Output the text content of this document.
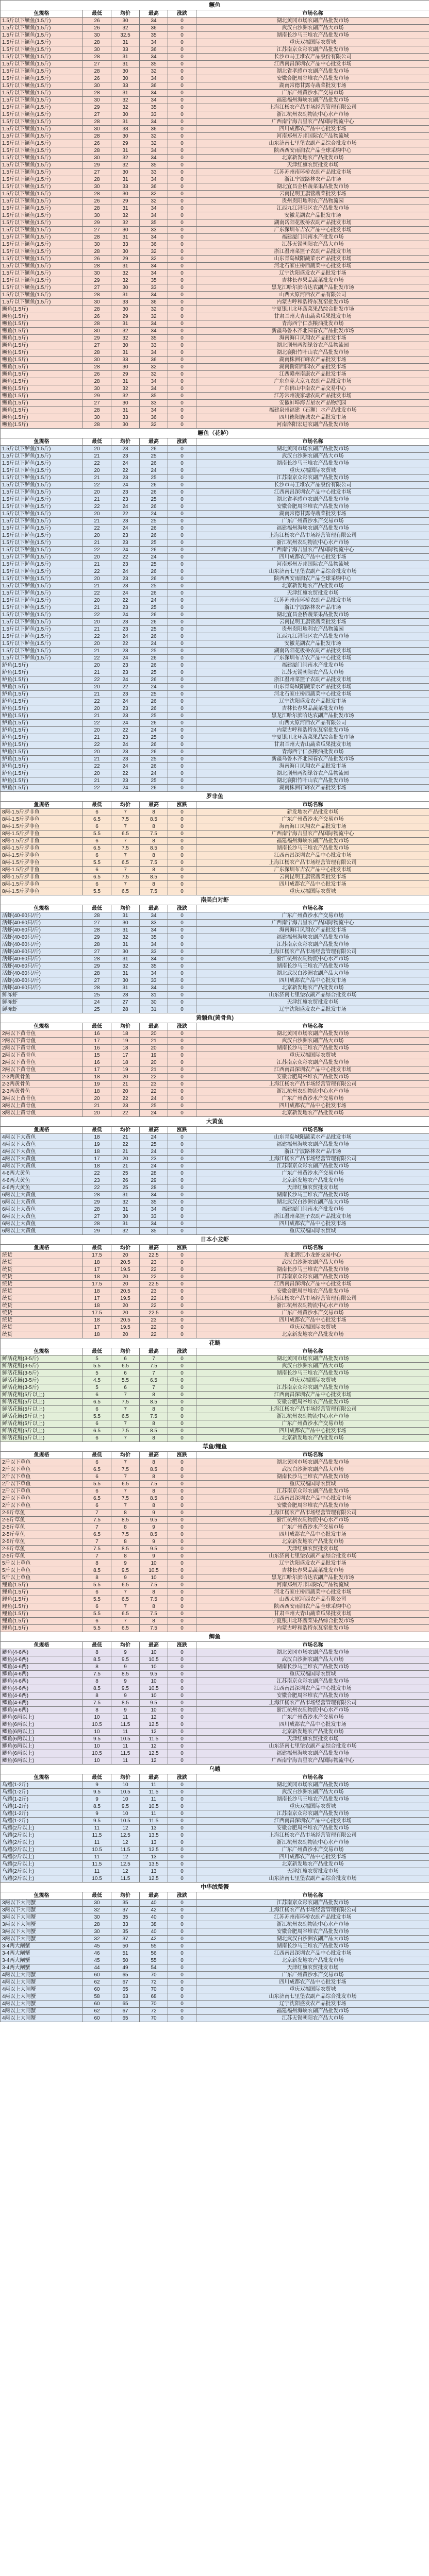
鳜鱼					
鱼规格	最低	均价	最高	涨跌	市场名称
1.5斤以下鳜鱼(1.5斤)	26	30	34	0	湖北黄冈市场农副产品批发市场
1.5斤以下鳜鱼(1.5斤)	26	32	36	0	武汉白沙洲农副产品大市场
1.5斤以下鳜鱼(1.5斤)	30	32.5	35	0	湖南长沙马王堆农产品批发市场
1.5斤以下鳜鱼(1.5斤)	28	31	34	0	重庆双福国际农贸城
1.5斤以下鳜鱼(1.5斤)	30	33	36	0	江苏南京众彩农副产品批发市场
1.5斤以下鳜鱼(1.5斤)	28	31	34	0	长沙市马王堆农产品股份有限公司
1.5斤以下鳜鱼(1.5斤)	27	31	35	0	江西南昌深圳农产品中心批发市场
1.5斤以下鳜鱼(1.5斤)	28	30	32	0	湖北省孝感市农副产品批发市场
1.5斤以下鳜鱼(1.5斤)	26	30	34	0	安徽合肥周谷堆农产品批发市场
1.5斤以下鳜鱼(1.5斤)	30	33	36	0	湖南常德甘露寺蔬菜批发市场
1.5斤以下鳜鱼(1.5斤)	28	31	34	0	广东广州黄沙水产交易市场
1.5斤以下鳜鱼(1.5斤)	30	32	34	0	福建福州海峡农副产品批发市场
1.5斤以下鳜鱼(1.5斤)	29	32	35	0	上海江杨农产品市场经营管理有限公司
1.5斤以下鳜鱼(1.5斤)	27	30	33	0	浙江杭州农副物流中心水产市场
1.5斤以下鳜鱼(1.5斤)	28	31	34	0	广西南宁海吉星农产品国际物流中心
1.5斤以下鳜鱼(1.5斤)	30	33	36	0	四川成都农产品中心批发市场
1.5斤以下鳜鱼(1.5斤)	28	30	32	0	河南郑州万邦国际农产品物流城
1.5斤以下鳜鱼(1.5斤)	26	29	32	0	山东济南七里堡农副产品综合批发市场
1.5斤以下鳜鱼(1.5斤)	28	31	34	0	陕西西安雨润农产品全球采购中心
1.5斤以下鳜鱼(1.5斤)	30	32	34	0	北京新发地农产品批发市场
1.5斤以下鳜鱼(1.5斤)	29	32	35	0	天津红旗农贸批发市场
1.5斤以下鳜鱼(1.5斤)	27	30	33	0	江苏苏州南环桥农副产品批发市场
1.5斤以下鳜鱼(1.5斤)	28	31	34	0	浙江宁波路林农产品市场
1.5斤以下鳜鱼(1.5斤)	30	33	36	0	湖北宜昌金桥蔬菜果品批发市场
1.5斤以下鳜鱼(1.5斤)	28	30	32	0	云南昆明王旗营蔬菜批发市场
1.5斤以下鳜鱼(1.5斤)	26	29	32	0	贵州贵阳地利农产品物流园
1.5斤以下鳜鱼(1.5斤)	28	31	34	0	江西九江浔阳区农产品批发市场
1.5斤以下鳜鱼(1.5斤)	30	32	34	0	安徽芜湖农产品批发市场
1.5斤以下鳜鱼(1.5斤)	29	32	35	0	湖南岳阳花板桥农副产品批发市场
1.5斤以下鳜鱼(1.5斤)	27	30	33	0	广东深圳布吉农产品中心批发市场
1.5斤以下鳜鱼(1.5斤)	28	31	34	0	福建厦门闽南水产批发市场
1.5斤以下鳜鱼(1.5斤)	30	33	36	0	江苏无锡朝阳农产品大市场
1.5斤以下鳜鱼(1.5斤)	28	30	32	0	浙江温州菜篮子农副产品批发市场
1.5斤以下鳜鱼(1.5斤)	26	29	32	0	山东青岛城阳蔬菜水产品批发市场
1.5斤以下鳜鱼(1.5斤)	28	31	34	0	河北石家庄桥西蔬菜中心批发市场
1.5斤以下鳜鱼(1.5斤)	30	32	34	0	辽宁沈阳盛发农产品批发市场
1.5斤以下鳜鱼(1.5斤)	29	32	35	0	吉林长春果品蔬菜批发市场
1.5斤以下鳜鱼(1.5斤)	27	30	33	0	黑龙江哈尔滨哈达农副产品批发市场
1.5斤以下鳜鱼(1.5斤)	28	31	34	0	山西太原河西农产品有限公司
1.5斤以下鳜鱼(1.5斤)	30	33	36	0	内蒙古呼和浩特东瓦窑批发市场
鳜鱼(1.5斤)	28	30	32	0	宁夏银川北环蔬菜果品综合批发市场
鳜鱼(1.5斤)	26	29	32	0	甘肃兰州大青山蔬菜瓜果批发市场
鳜鱼(1.5斤)	28	31	34	0	青海西宁仁杰粮油批发市场
鳜鱼(1.5斤)	30	32	34	0	新疆乌鲁木齐北园春农产品批发市场
鳜鱼(1.5斤)	29	32	35	0	海南海口凤翔农产品批发市场
鳜鱼(1.5斤)	27	30	33	0	湖北荆州两湖绿谷农产品物流园
鳜鱼(1.5斤)	28	31	34	0	湖北襄阳竹叶山农产品批发市场
鳜鱼(1.5斤)	30	33	36	0	湖南株洲石峰农产品批发市场
鳜鱼(1.5斤)	28	30	32	0	湖南衡阳西园农产品批发市场
鳜鱼(1.5斤)	26	29	32	0	江西赣州南康农产品批发市场
鳜鱼(1.5斤)	28	31	34	0	广东东莞大京九农副产品批发市场
鳜鱼(1.5斤)	30	32	34	0	广东佛山中南农产品交易中心
鳜鱼(1.5斤)	29	32	35	0	江苏常州凌家塘农副产品批发市场
鳜鱼(1.5斤)	27	30	33	0	安徽蚌埠海吉星农产品物流园
鳜鱼(1.5斤)	28	31	34	0	福建泉州福建（石狮）水产品批发市场
鳜鱼(1.5斤)	30	33	36	0	四川德阳旌城农产品批发市场
鳜鱼(1.5斤)	28	30	32	0	河南洛阳宏进农副产品批发市场
鳜鱼（花鲈）					
鱼规格	最低	均价	最高	涨跌	市场名称
1.5斤以下鲈鱼(1.5斤)	20	23	26	0	湖北黄冈市场农副产品批发市场
1.5斤以下鲈鱼(1.5斤)	21	23	25	0	武汉白沙洲农副产品大市场
1.5斤以下鲈鱼(1.5斤)	22	24	26	0	湖南长沙马王堆农产品批发市场
1.5斤以下鲈鱼(1.5斤)	20	22	24	0	重庆双福国际农贸城
1.5斤以下鲈鱼(1.5斤)	21	23	25	0	江苏南京众彩农副产品批发市场
1.5斤以下鲈鱼(1.5斤)	22	24	26	0	长沙市马王堆农产品股份有限公司
1.5斤以下鲈鱼(1.5斤)	20	23	26	0	江西南昌深圳农产品中心批发市场
1.5斤以下鲈鱼(1.5斤)	21	23	25	0	湖北省孝感市农副产品批发市场
1.5斤以下鲈鱼(1.5斤)	22	24	26	0	安徽合肥周谷堆农产品批发市场
1.5斤以下鲈鱼(1.5斤)	20	22	24	0	湖南常德甘露寺蔬菜批发市场
1.5斤以下鲈鱼(1.5斤)	21	23	25	0	广东广州黄沙水产交易市场
1.5斤以下鲈鱼(1.5斤)	22	24	26	0	福建福州海峡农副产品批发市场
1.5斤以下鲈鱼(1.5斤)	20	23	26	0	上海江杨农产品市场经营管理有限公司
1.5斤以下鲈鱼(1.5斤)	21	23	25	0	浙江杭州农副物流中心水产市场
1.5斤以下鲈鱼(1.5斤)	22	24	26	0	广西南宁海吉星农产品国际物流中心
1.5斤以下鲈鱼(1.5斤)	20	22	24	0	四川成都农产品中心批发市场
1.5斤以下鲈鱼(1.5斤)	21	23	25	0	河南郑州万邦国际农产品物流城
1.5斤以下鲈鱼(1.5斤)	22	24	26	0	山东济南七里堡农副产品综合批发市场
1.5斤以下鲈鱼(1.5斤)	20	23	26	0	陕西西安雨润农产品全球采购中心
1.5斤以下鲈鱼(1.5斤)	21	23	25	0	北京新发地农产品批发市场
1.5斤以下鲈鱼(1.5斤)	22	24	26	0	天津红旗农贸批发市场
1.5斤以下鲈鱼(1.5斤)	20	22	24	0	江苏苏州南环桥农副产品批发市场
1.5斤以下鲈鱼(1.5斤)	21	23	25	0	浙江宁波路林农产品市场
1.5斤以下鲈鱼(1.5斤)	22	24	26	0	湖北宜昌金桥蔬菜果品批发市场
1.5斤以下鲈鱼(1.5斤)	20	23	26	0	云南昆明王旗营蔬菜批发市场
1.5斤以下鲈鱼(1.5斤)	21	23	25	0	贵州贵阳地利农产品物流园
1.5斤以下鲈鱼(1.5斤)	22	24	26	0	江西九江浔阳区农产品批发市场
1.5斤以下鲈鱼(1.5斤)	20	22	24	0	安徽芜湖农产品批发市场
1.5斤以下鲈鱼(1.5斤)	21	23	25	0	湖南岳阳花板桥农副产品批发市场
1.5斤以下鲈鱼(1.5斤)	22	24	26	0	广东深圳布吉农产品中心批发市场
鲈鱼(1.5斤)	20	23	26	0	福建厦门闽南水产批发市场
鲈鱼(1.5斤)	21	23	25	0	江苏无锡朝阳农产品大市场
鲈鱼(1.5斤)	22	24	26	0	浙江温州菜篮子农副产品批发市场
鲈鱼(1.5斤)	20	22	24	0	山东青岛城阳蔬菜水产品批发市场
鲈鱼(1.5斤)	21	23	25	0	河北石家庄桥西蔬菜中心批发市场
鲈鱼(1.5斤)	22	24	26	0	辽宁沈阳盛发农产品批发市场
鲈鱼(1.5斤)	20	23	26	0	吉林长春果品蔬菜批发市场
鲈鱼(1.5斤)	21	23	25	0	黑龙江哈尔滨哈达农副产品批发市场
鲈鱼(1.5斤)	22	24	26	0	山西太原河西农产品有限公司
鲈鱼(1.5斤)	20	22	24	0	内蒙古呼和浩特东瓦窑批发市场
鲈鱼(1.5斤)	21	23	25	0	宁夏银川北环蔬菜果品综合批发市场
鲈鱼(1.5斤)	22	24	26	0	甘肃兰州大青山蔬菜瓜果批发市场
鲈鱼(1.5斤)	20	23	26	0	青海西宁仁杰粮油批发市场
鲈鱼(1.5斤)	21	23	25	0	新疆乌鲁木齐北园春农产品批发市场
鲈鱼(1.5斤)	22	24	26	0	海南海口凤翔农产品批发市场
鲈鱼(1.5斤)	20	22	24	0	湖北荆州两湖绿谷农产品物流园
鲈鱼(1.5斤)	21	23	25	0	湖北襄阳竹叶山农产品批发市场
鲈鱼(1.5斤)	22	24	26	0	湖南株洲石峰农产品批发市场
罗非鱼					
鱼规格	最低	均价	最高	涨跌	市场名称
8两-1.5斤罗非鱼	6	7	8	0	新发地农产品批发市场
8两-1.5斤罗非鱼	6.5	7.5	8.5	0	广东广州黄沙水产交易市场
8两-1.5斤罗非鱼	6	7	8	0	海南海口凤翔农产品批发市场
8两-1.5斤罗非鱼	5.5	6.5	7.5	0	广西南宁海吉星农产品国际物流中心
8两-1.5斤罗非鱼	6	7	8	0	福建福州海峡农副产品批发市场
8两-1.5斤罗非鱼	6.5	7.5	8.5	0	湖南长沙马王堆农产品批发市场
8两-1.5斤罗非鱼	6	7	8	0	江西南昌深圳农产品中心批发市场
8两-1.5斤罗非鱼	5.5	6.5	7.5	0	上海江杨农产品市场经营管理有限公司
8两-1.5斤罗非鱼	6	7	8	0	广东深圳布吉农产品中心批发市场
8两-1.5斤罗非鱼	6.5	7.5	8.5	0	云南昆明王旗营蔬菜批发市场
8两-1.5斤罗非鱼	6	7	8	0	四川成都农产品中心批发市场
8两-1.5斤罗非鱼	5.5	6.5	7.5	0	重庆双福国际农贸城
南美白对虾					
鱼规格	最低	均价	最高	涨跌	市场名称
活虾(40-60只/斤)	28	31	34	0	广东广州黄沙水产交易市场
活虾(40-60只/斤)	27	30	33	0	广西南宁海吉星农产品国际物流中心
活虾(40-60只/斤)	28	31	34	0	海南海口凤翔农产品批发市场
活虾(40-60只/斤)	29	32	35	0	福建福州海峡农副产品批发市场
活虾(40-60只/斤)	28	31	34	0	江苏南京众彩农副产品批发市场
活虾(40-60只/斤)	27	30	33	0	上海江杨农产品市场经营管理有限公司
活虾(40-60只/斤)	28	31	34	0	浙江杭州农副物流中心水产市场
活虾(40-60只/斤)	29	32	35	0	湖南长沙马王堆农产品批发市场
活虾(40-60只/斤)	28	31	34	0	湖北武汉白沙洲农副产品大市场
活虾(40-60只/斤)	27	30	33	0	四川成都农产品中心批发市场
活虾(40-60只/斤)	28	31	34	0	北京新发地农产品批发市场
鲜冻虾	25	28	31	0	山东济南七里堡农副产品综合批发市场
鲜冻虾	24	27	30	0	天津红旗农贸批发市场
鲜冻虾	25	28	31	0	辽宁沈阳盛发农产品批发市场
黄颡鱼(黄骨鱼)					
鱼规格	最低	均价	最高	涨跌	市场名称
2两以下黄骨鱼	16	18	20	0	湖北黄冈市场农副产品批发市场
2两以下黄骨鱼	17	19	21	0	武汉白沙洲农副产品大市场
2两以下黄骨鱼	16	18	20	0	湖南长沙马王堆农产品批发市场
2两以下黄骨鱼	15	17	19	0	重庆双福国际农贸城
2两以下黄骨鱼	16	18	20	0	江苏南京众彩农副产品批发市场
2两以下黄骨鱼	17	19	21	0	江西南昌深圳农产品中心批发市场
2-3两黄骨鱼	18	20	22	0	安徽合肥周谷堆农产品批发市场
2-3两黄骨鱼	19	21	23	0	上海江杨农产品市场经营管理有限公司
2-3两黄骨鱼	18	20	22	0	浙江杭州农副物流中心水产市场
3两以上黄骨鱼	20	22	24	0	广东广州黄沙水产交易市场
3两以上黄骨鱼	21	23	25	0	四川成都农产品中心批发市场
3两以上黄骨鱼	20	22	24	0	北京新发地农产品批发市场
大黄鱼					
鱼规格	最低	均价	最高	涨跌	市场名称
4两以下大黄鱼	18	21	24	0	山东青岛城阳蔬菜水产品批发市场
4两以下大黄鱼	19	22	25	0	福建福州海峡农副产品批发市场
4两以下大黄鱼	18	21	24	0	浙江宁波路林农产品市场
4两以下大黄鱼	17	20	23	0	上海江杨农产品市场经营管理有限公司
4两以下大黄鱼	18	21	24	0	江苏南京众彩农副产品批发市场
4-6两大黄鱼	22	25	28	0	广东广州黄沙水产交易市场
4-6两大黄鱼	23	26	29	0	北京新发地农产品批发市场
4-6两大黄鱼	22	25	28	0	天津红旗农贸批发市场
6两以上大黄鱼	28	31	34	0	湖南长沙马王堆农产品批发市场
6两以上大黄鱼	29	32	35	0	湖北武汉白沙洲农副产品大市场
6两以上大黄鱼	28	31	34	0	福建厦门闽南水产批发市场
6两以上大黄鱼	27	30	33	0	浙江温州菜篮子农副产品批发市场
6两以上大黄鱼	28	31	34	0	四川成都农产品中心批发市场
6两以上大黄鱼	29	32	35	0	重庆双福国际农贸城
日本小龙虾					
鱼规格	最低	均价	最高	涨跌	市场名称
统货	17.5	20	22.5	0	湖北潜江小龙虾交易中心
统货	18	20.5	23	0	武汉白沙洲农副产品大市场
统货	17	19.5	22	0	湖南长沙马王堆农产品批发市场
统货	18	20	22	0	江苏南京众彩农副产品批发市场
统货	17.5	20	22.5	0	江西南昌深圳农产品中心批发市场
统货	18	20.5	23	0	安徽合肥周谷堆农产品批发市场
统货	17	19.5	22	0	上海江杨农产品市场经营管理有限公司
统货	18	20	22	0	浙江杭州农副物流中心水产市场
统货	17.5	20	22.5	0	广东广州黄沙水产交易市场
统货	18	20.5	23	0	四川成都农产品中心批发市场
统货	17	19.5	22	0	重庆双福国际农贸城
统货	18	20	22	0	北京新发地农产品批发市场
花鲢					
鱼规格	最低	均价	最高	涨跌	市场名称
鲜活花鲢(3-5斤)	5	6	7	0	湖北黄冈市场农副产品批发市场
鲜活花鲢(3-5斤)	5.5	6.5	7.5	0	武汉白沙洲农副产品大市场
鲜活花鲢(3-5斤)	5	6	7	0	湖南长沙马王堆农产品批发市场
鲜活花鲢(3-5斤)	4.5	5.5	6.5	0	重庆双福国际农贸城
鲜活花鲢(3-5斤)	5	6	7	0	江苏南京众彩农副产品批发市场
鲜活花鲢(5斤以上)	6	7	8	0	江西南昌深圳农产品中心批发市场
鲜活花鲢(5斤以上)	6.5	7.5	8.5	0	安徽合肥周谷堆农产品批发市场
鲜活花鲢(5斤以上)	6	7	8	0	上海江杨农产品市场经营管理有限公司
鲜活花鲢(5斤以上)	5.5	6.5	7.5	0	浙江杭州农副物流中心水产市场
鲜活花鲢(5斤以上)	6	7	8	0	广东广州黄沙水产交易市场
鲜活花鲢(5斤以上)	6.5	7.5	8.5	0	四川成都农产品中心批发市场
鲜活花鲢(5斤以上)	6	7	8	0	北京新发地农产品批发市场
草鱼/鲤鱼					
鱼规格	最低	均价	最高	涨跌	市场名称
2斤以下草鱼	6	7	8	0	湖北黄冈市场农副产品批发市场
2斤以下草鱼	6.5	7.5	8.5	0	武汉白沙洲农副产品大市场
2斤以下草鱼	6	7	8	0	湖南长沙马王堆农产品批发市场
2斤以下草鱼	5.5	6.5	7.5	0	重庆双福国际农贸城
2斤以下草鱼	6	7	8	0	江苏南京众彩农副产品批发市场
2斤以下草鱼	6.5	7.5	8.5	0	江西南昌深圳农产品中心批发市场
2斤以下草鱼	6	7	8	0	安徽合肥周谷堆农产品批发市场
2-5斤草鱼	7	8	9	0	上海江杨农产品市场经营管理有限公司
2-5斤草鱼	7.5	8.5	9.5	0	浙江杭州农副物流中心水产市场
2-5斤草鱼	7	8	9	0	广东广州黄沙水产交易市场
2-5斤草鱼	6.5	7.5	8.5	0	四川成都农产品中心批发市场
2-5斤草鱼	7	8	9	0	北京新发地农产品批发市场
2-5斤草鱼	7.5	8.5	9.5	0	天津红旗农贸批发市场
2-5斤草鱼	7	8	9	0	山东济南七里堡农副产品综合批发市场
5斤以上草鱼	8	9	10	0	辽宁沈阳盛发农产品批发市场
5斤以上草鱼	8.5	9.5	10.5	0	吉林长春果品蔬菜批发市场
5斤以上草鱼	8	9	10	0	黑龙江哈尔滨哈达农副产品批发市场
鲤鱼(1.5斤)	5.5	6.5	7.5	0	河南郑州万邦国际农产品物流城
鲤鱼(1.5斤)	6	7	8	0	河北石家庄桥西蔬菜中心批发市场
鲤鱼(1.5斤)	5.5	6.5	7.5	0	山西太原河西农产品有限公司
鲤鱼(1.5斤)	6	7	8	0	陕西西安雨润农产品全球采购中心
鲤鱼(1.5斤)	5.5	6.5	7.5	0	甘肃兰州大青山蔬菜瓜果批发市场
鲤鱼(1.5斤)	6	7	8	0	宁夏银川北环蔬菜果品综合批发市场
鲤鱼(1.5斤)	5.5	6.5	7.5	0	内蒙古呼和浩特东瓦窑批发市场
鲫鱼					
鱼规格	最低	均价	最高	涨跌	市场名称
鲫鱼(4-6两)	8	9	10	0	湖北黄冈市场农副产品批发市场
鲫鱼(4-6两)	8.5	9.5	10.5	0	武汉白沙洲农副产品大市场
鲫鱼(4-6两)	8	9	10	0	湖南长沙马王堆农产品批发市场
鲫鱼(4-6两)	7.5	8.5	9.5	0	重庆双福国际农贸城
鲫鱼(4-6两)	8	9	10	0	江苏南京众彩农副产品批发市场
鲫鱼(4-6两)	8.5	9.5	10.5	0	江西南昌深圳农产品中心批发市场
鲫鱼(4-6两)	8	9	10	0	安徽合肥周谷堆农产品批发市场
鲫鱼(4-6两)	7.5	8.5	9.5	0	上海江杨农产品市场经营管理有限公司
鲫鱼(4-6两)	8	9	10	0	浙江杭州农副物流中心水产市场
鲫鱼(6两以上)	10	11	12	0	广东广州黄沙水产交易市场
鲫鱼(6两以上)	10.5	11.5	12.5	0	四川成都农产品中心批发市场
鲫鱼(6两以上)	10	11	12	0	北京新发地农产品批发市场
鲫鱼(6两以上)	9.5	10.5	11.5	0	天津红旗农贸批发市场
鲫鱼(6两以上)	10	11	12	0	山东济南七里堡农副产品综合批发市场
鲫鱼(6两以上)	10.5	11.5	12.5	0	福建福州海峡农副产品批发市场
鲫鱼(6两以上)	10	11	12	0	广西南宁海吉星农产品国际物流中心
乌鳢					
鱼规格	最低	均价	最高	涨跌	市场名称
乌鳢(1-2斤)	9	10	11	0	湖北黄冈市场农副产品批发市场
乌鳢(1-2斤)	9.5	10.5	11.5	0	武汉白沙洲农副产品大市场
乌鳢(1-2斤)	9	10	11	0	湖南长沙马王堆农产品批发市场
乌鳢(1-2斤)	8.5	9.5	10.5	0	重庆双福国际农贸城
乌鳢(1-2斤)	9	10	11	0	江苏南京众彩农副产品批发市场
乌鳢(1-2斤)	9.5	10.5	11.5	0	江西南昌深圳农产品中心批发市场
乌鳢(2斤以上)	11	12	13	0	安徽合肥周谷堆农产品批发市场
乌鳢(2斤以上)	11.5	12.5	13.5	0	上海江杨农产品市场经营管理有限公司
乌鳢(2斤以上)	11	12	13	0	浙江杭州农副物流中心水产市场
乌鳢(2斤以上)	10.5	11.5	12.5	0	广东广州黄沙水产交易市场
乌鳢(2斤以上)	11	12	13	0	四川成都农产品中心批发市场
乌鳢(2斤以上)	11.5	12.5	13.5	0	北京新发地农产品批发市场
乌鳢(2斤以上)	11	12	13	0	天津红旗农贸批发市场
乌鳢(2斤以上)	10.5	11.5	12.5	0	山东济南七里堡农副产品综合批发市场
中华绒螯蟹					
鱼规格	最低	均价	最高	涨跌	市场名称
3两以下大闸蟹	30	35	40	0	江苏南京众彩农副产品批发市场
3两以下大闸蟹	32	37	42	0	上海江杨农产品市场经营管理有限公司
3两以下大闸蟹	30	35	40	0	江苏苏州南环桥农副产品批发市场
3两以下大闸蟹	28	33	38	0	浙江杭州农副物流中心水产市场
3两以下大闸蟹	30	35	40	0	安徽合肥周谷堆农产品批发市场
3两以下大闸蟹	32	37	42	0	湖北武汉白沙洲农副产品大市场
3-4两大闸蟹	45	50	55	0	湖南长沙马王堆农产品批发市场
3-4两大闸蟹	46	51	56	0	江西南昌深圳农产品中心批发市场
3-4两大闸蟹	45	50	55	0	北京新发地农产品批发市场
3-4两大闸蟹	44	49	54	0	天津红旗农贸批发市场
4两以上大闸蟹	60	65	70	0	广东广州黄沙水产交易市场
4两以上大闸蟹	62	67	72	0	四川成都农产品中心批发市场
4两以上大闸蟹	60	65	70	0	重庆双福国际农贸城
4两以上大闸蟹	58	63	68	0	山东济南七里堡农副产品综合批发市场
4两以上大闸蟹	60	65	70	0	辽宁沈阳盛发农产品批发市场
4两以上大闸蟹	62	67	72	0	福建福州海峡农副产品批发市场
4两以上大闸蟹	60	65	70	0	江苏无锡朝阳农产品大市场
